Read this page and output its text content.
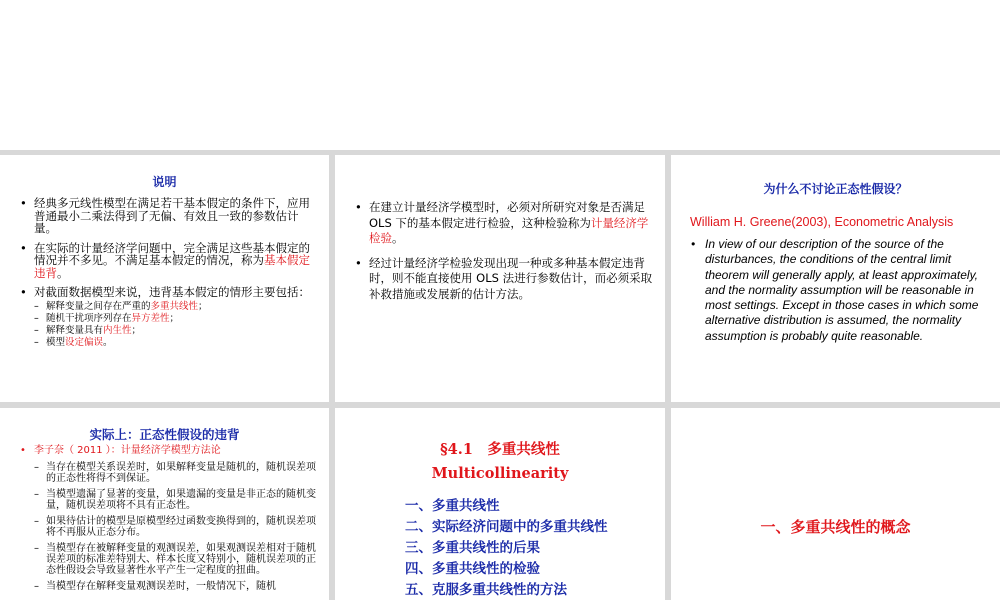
说明
• 经典多元线性模型在满足若干基本假定的条件下，应用普通最小二乘法得到了无偏、有效且一致的参数估计量。
• 在实际的计量经济学问题中，完全满足这些基本假定的情况并不多见。不满足基本假定的情况，称为基本假定违背。
• 对截面数据模型来说，违背基本假定的情形主要包括：
– 解释变量之间存在严重的多重共线性；
– 随机干扰项序列存在异方差性；
– 解释变量具有内生性；
– 模型设定偏误。
• 在建立计量经济学模型时，必须对所研究对象是否满足 OLS 下的基本假定进行检验，这种检验称为计量经济学检验。
• 经过计量经济学检验发现出现一种或多种基本假定违背时，则不能直接使用 OLS 法进行参数估计，而必须采取补救措施或发展新的估计方法。
为什么不讨论正态性假设？
William H. Greene(2003), Econometric Analysis
• In view of our description of the source of the disturbances, the conditions of the central limit theorem will generally apply, at least approximately, and the normality assumption will be reasonable in most settings. Except in those cases in which some alternative distribution is assumed, the normality assumption is probably quite reasonable.
实际上：正态性假设的违背
• 李子奈（ 2011 ）：计量经济学模型方法论
– 当存在模型关系误差时，如果解释变量是随机的，随机误差项的正态性将得不到保证。
– 当模型遗漏了显著的变量，如果遗漏的变量是非正态的随机变量，随机误差项将不具有正态性。
– 如果待估计的模型是原模型经过函数变换得到的，随机误差项将不再服从正态分布。
– 当模型存在被解释变量的观测误差，如果观测误差相对于随机误差项的标准差特别大、样本长度又特别小，随机误差项的正态性假设会导致显著性水平产生一定程度的扭曲。
– 当模型存在解释变量观测误差时，一般情况下，随机
§4.1　多重共线性
Multicollinearity
一、多重共线性
二、实际经济问题中的多重共线性
三、多重共线性的后果
四、多重共线性的检验
五、克服多重共线性的方法
一、多重共线性的概念
